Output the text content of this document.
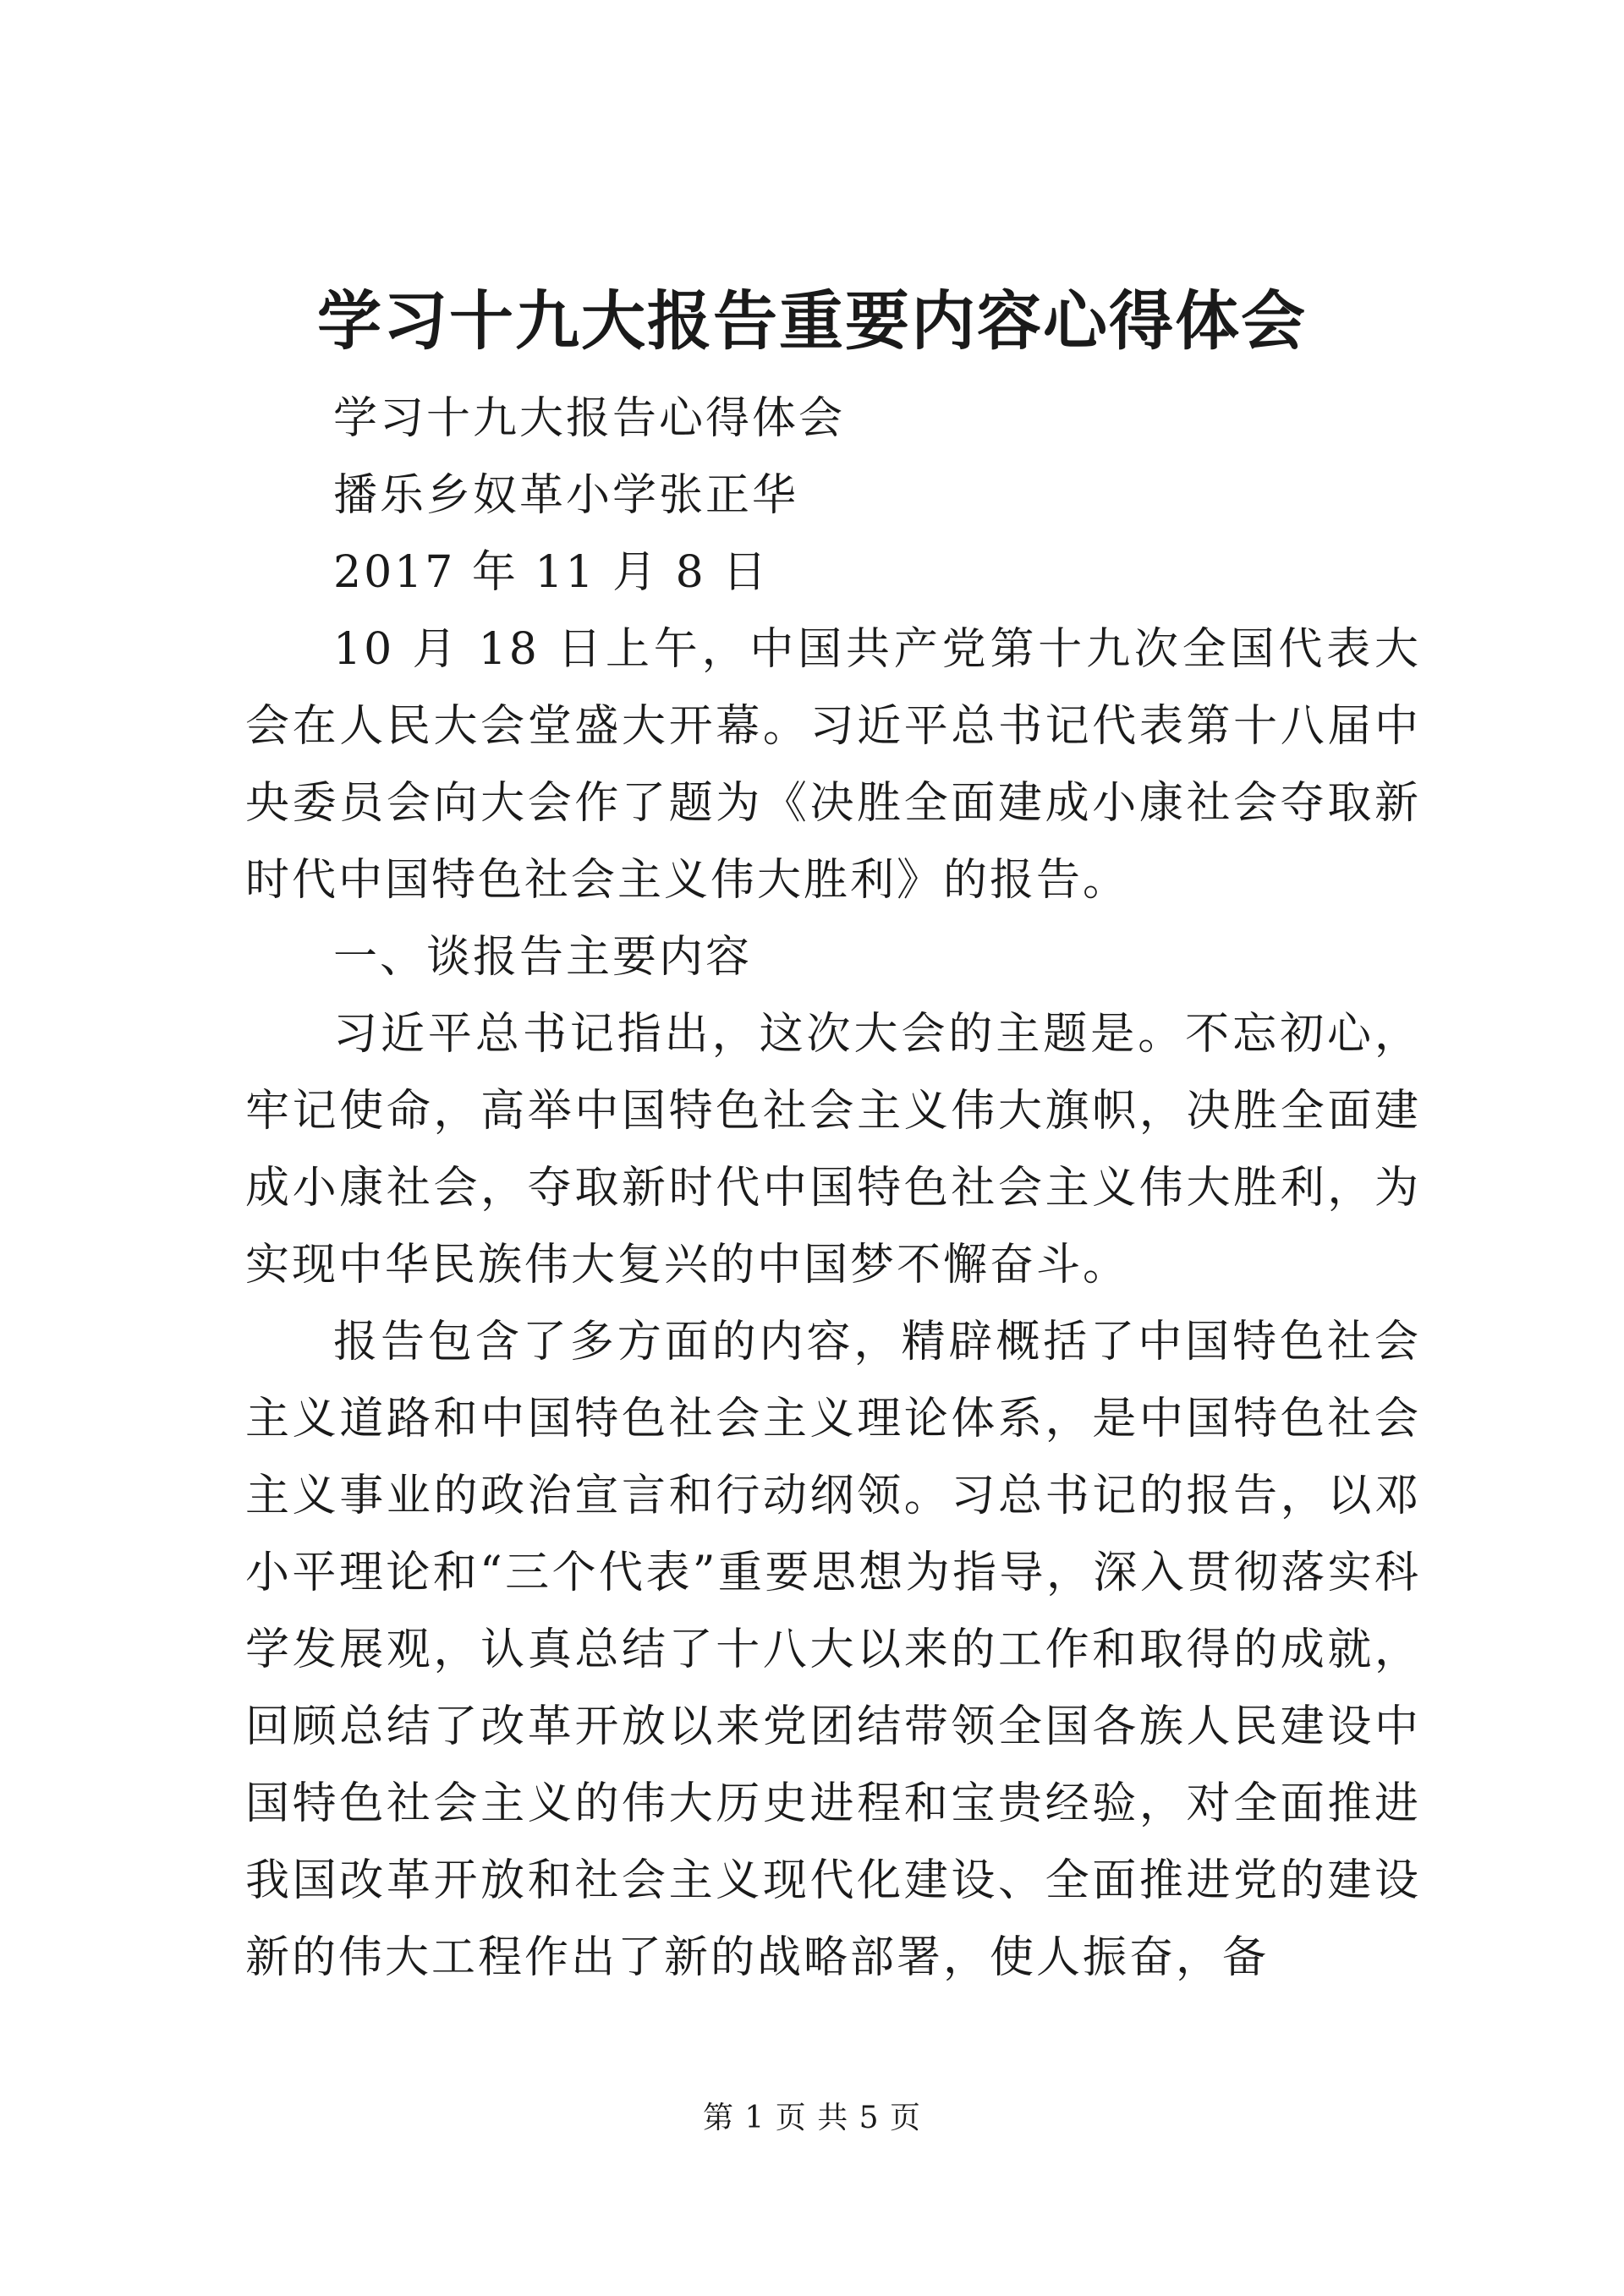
学习十九大报告重要内容心得体会

学习十九大报告心得体会

播乐乡奴革小学张正华

2017 年 11 月 8 日

10 月 18 日上午，中国共产党第十九次全国代表大会在人民大会堂盛大开幕。习近平总书记代表第十八届中央委员会向大会作了题为《决胜全面建成小康社会夺取新时代中国特色社会主义伟大胜利》的报告。

一、谈报告主要内容

习近平总书记指出，这次大会的主题是。不忘初心，牢记使命，高举中国特色社会主义伟大旗帜，决胜全面建成小康社会，夺取新时代中国特色社会主义伟大胜利，为实现中华民族伟大复兴的中国梦不懈奋斗。

报告包含了多方面的内容，精辟概括了中国特色社会主义道路和中国特色社会主义理论体系，是中国特色社会主义事业的政治宣言和行动纲领。习总书记的报告，以邓小平理论和“三个代表”重要思想为指导，深入贯彻落实科学发展观，认真总结了十八大以来的工作和取得的成就，回顾总结了改革开放以来党团结带领全国各族人民建设中国特色社会主义的伟大历史进程和宝贵经验，对全面推进我国改革开放和社会主义现代化建设、全面推进党的建设新的伟大工程作出了新的战略部署，使人振奋，备

第 1 页 共 5 页
